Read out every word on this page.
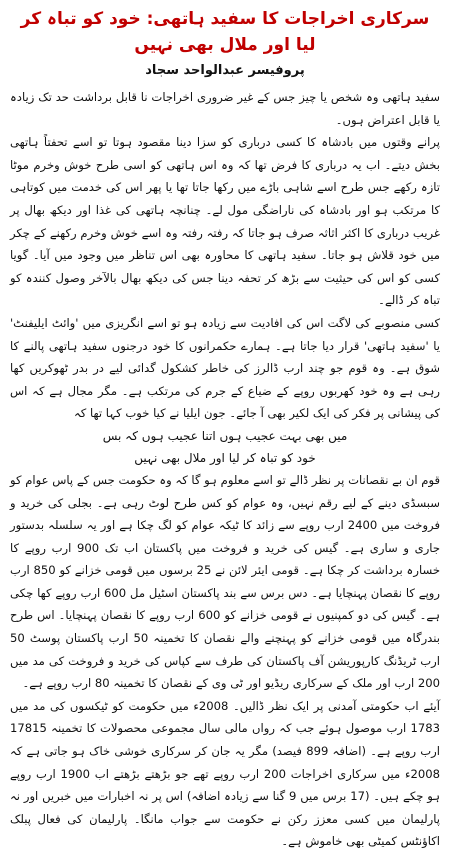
سرکاری اخراجات کا سفید ہاتھی: خود کو تباہ کر لیا اور ملال بھی نہیں
پروفیسر عبدالواحد سجاد

سفید ہاتھی وہ شخص یا چیز جس کے غیر ضروری اخراجات نا قابل برداشت حد تک زیادہ یا قابل اعتراض ہوں۔

پرانے وقتوں میں بادشاہ کا کسی درباری کو سزا دینا مقصود ہوتا تو اسے تحفتاً ہاتھی بخش دیتے۔ اب یہ درباری کا فرض تھا کہ وہ اس ہاتھی کو اسی طرح خوش وخرم موٹا تازہ رکھے جس طرح اسے شاہی باڑے میں رکھا جاتا تھا یا پھر اس کی خدمت میں کوتاہی کا مرتکب ہو اور بادشاہ کی ناراضگی مول لے۔ چنانچہ ہاتھی کی غذا اور دیکھ بھال پر غریب درباری کا اکثر اثاثہ صرف ہو جاتا کہ رفتہ رفتہ وہ اسے خوش وخرم رکھنے کے چکر میں خود قلاش ہو جاتا۔ سفید ہاتھی کا محاورہ بھی اس تناظر میں وجود میں آیا۔ گویا کسی کو اس کی حیثیت سے بڑھ کر تحفہ دینا جس کی دیکھ بھال بالآخر وصول کنندہ کو تباہ کر ڈالے۔

کسی منصوبے کی لاگت اس کی افادیت سے زیادہ ہو تو اسے انگریزی میں 'وائٹ ایلیفنٹ' یا 'سفید ہاتھی' قرار دیا جاتا ہے۔ ہمارے حکمرانوں کا خود درجنوں سفید ہاتھی پالنے کا شوق ہے۔ وہ قوم جو چند ارب ڈالرز کی خاطر کشکول گدائی لیے در بدر ٹھوکریں کھا رہی ہے وہ خود کھربوں روپے کے ضیاع کے جرم کی مرتکب ہے۔ مگر مجال ہے کہ اس کی پیشانی پر فکر کی ایک لکیر بھی آ جائے۔ جون ایلیا نے کیا خوب کہا تھا کہ

میں بھی بہت عجیب ہوں اتنا عجیب ہوں کہ بس
خود کو تباہ کر لیا اور ملال بھی نہیں

قوم ان بے نقصانات پر نظر ڈالے تو اسے معلوم ہو گا کہ وہ حکومت جس کے پاس عوام کو سبسڈی دینے کے لیے رقم نہیں، وہ عوام کو کس طرح لوٹ رہی ہے۔ بجلی کی خرید و فروخت میں 2400 ارب روپے سے زائد کا ٹیکہ عوام کو لگ چکا ہے اور یہ سلسلہ بدستور جاری و ساری ہے۔ گیس کی خرید و فروخت میں پاکستان اب تک 900 ارب روپے کا خسارہ برداشت کر چکا ہے۔ قومی ایئر لائن نے 25 برسوں میں قومی خزانے کو 850 ارب روپے کا نقصان پہنچایا ہے۔ دس برس سے بند پاکستان اسٹیل مل 600 ارب روپے کھا چکی ہے۔ گیس کی دو کمپنیوں نے قومی خزانے کو 600 ارب روپے کا نقصان پہنچایا۔ اس طرح بندرگاہ میں قومی خزانے کو پہنچنے والے نقصان کا تخمینہ 50 ارب پاکستان پوسٹ 50 ارب ٹریڈنگ کارپوریشن آف پاکستان کی طرف سے کپاس کی خرید و فروخت کی مد میں 200 ارب اور ملک کے سرکاری ریڈیو اور ٹی وی کے نقصان کا تخمینہ 80 ارب روپے ہے۔

آیئے اب حکومتی آمدنی پر ایک نظر ڈالیں۔ 2008ء میں حکومت کو ٹیکسوں کی مد میں 1783 ارب موصول ہوئے جب کہ رواں مالی سال مجموعی محصولات کا تخمینہ 17815 ارب روپے ہے۔ (اضافہ 899 فیصد) مگر یہ جان کر سرکاری خوشی خاک ہو جاتی ہے کہ 2008ء میں سرکاری اخراجات 200 ارب روپے تھے جو بڑھتے بڑھتے اب 1900 ارب روپے ہو چکے ہیں۔ (17 برس میں 9 گنا سے زیادہ اضافہ) اس پر نہ اخبارات میں خبریں اور نہ پارلیمان میں کسی معزز رکن نے حکومت سے جواب مانگا۔ پارلیمان کی فعال پبلک اکاؤنٹس کمیٹی بھی خاموش ہے۔
